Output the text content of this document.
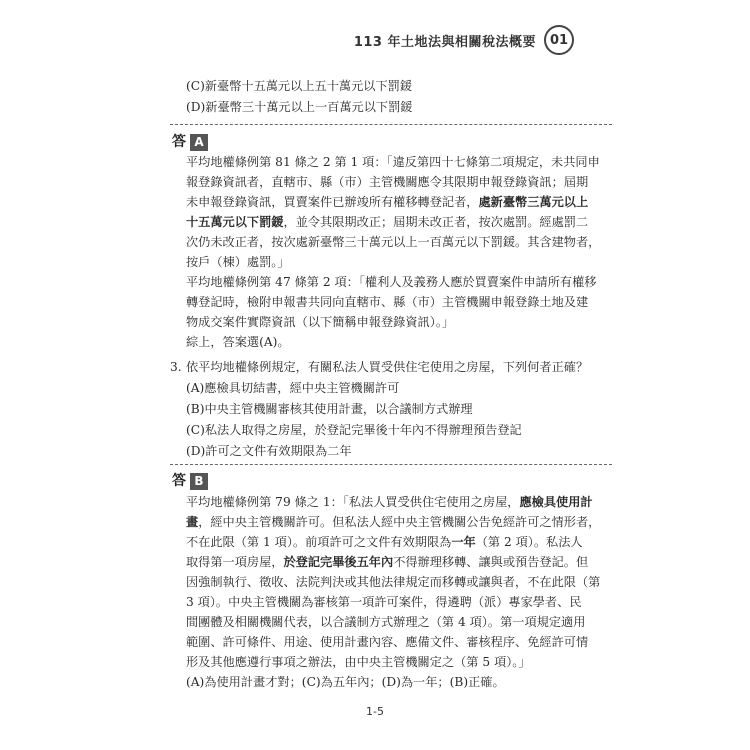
113 年土地法與相關稅法概要	01
(C)新臺幣十五萬元以上五十萬元以下罰鍰
(D)新臺幣三十萬元以上一百萬元以下罰鍰
答 A
平均地權條例第 81 條之 2 第 1 項：「違反第四十七條第二項規定，未共同申
報登錄資訊者，直轄市、縣（市）主管機關應令其限期申報登錄資訊；屆期
未申報登錄資訊，買賣案件已辦竣所有權移轉登記者，處新臺幣三萬元以上
十五萬元以下罰鍰，並令其限期改正；屆期未改正者，按次處罰。經處罰二
次仍未改正者，按次處新臺幣三十萬元以上一百萬元以下罰鍰。其含建物者，
按戶（棟）處罰。」
平均地權條例第 47 條第 2 項：「權利人及義務人應於買賣案件申請所有權移
轉登記時，檢附申報書共同向直轄市、縣（市）主管機關申報登錄土地及建
物成交案件實際資訊（以下簡稱申報登錄資訊）。」
綜上，答案選(A)。
3. 依平均地權條例規定，有關私法人買受供住宅使用之房屋，下列何者正確？
(A)應檢具切結書，經中央主管機關許可
(B)中央主管機關審核其使用計畫，以合議制方式辦理
(C)私法人取得之房屋，於登記完畢後十年內不得辦理預告登記
(D)許可之文件有效期限為二年
答 B
平均地權條例第 79 條之 1：「私法人買受供住宅使用之房屋，應檢具使用計
畫，經中央主管機關許可。但私法人經中央主管機關公告免經許可之情形者，
不在此限（第 1 項）。前項許可之文件有效期限為一年（第 2 項）。私法人
取得第一項房屋，於登記完畢後五年內不得辦理移轉、讓與或預告登記。但
因強制執行、徵收、法院判決或其他法律規定而移轉或讓與者，不在此限（第
3 項）。中央主管機關為審核第一項許可案件，得遴聘（派）專家學者、民
間團體及相關機關代表，以合議制方式辦理之（第 4 項）。第一項規定適用
範圍、許可條件、用途、使用計畫內容、應備文件、審核程序、免經許可情
形及其他應遵行事項之辦法，由中央主管機關定之（第 5 項）。」
(A)為使用計畫才對；(C)為五年內；(D)為一年；(B)正確。
1-5
